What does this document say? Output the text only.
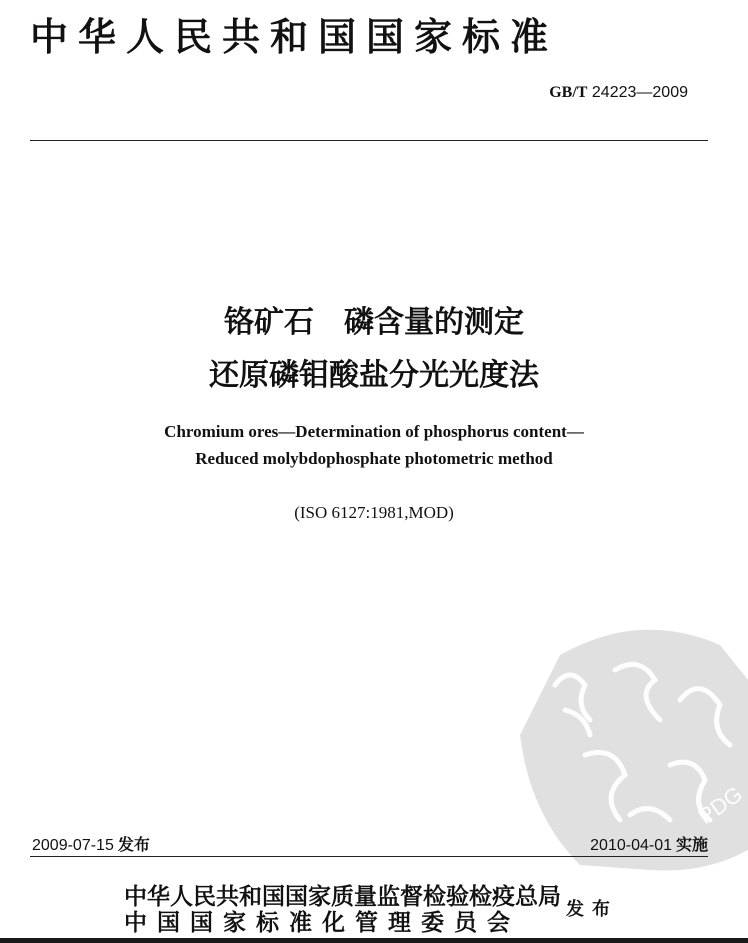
中华人民共和国国家标准
GB/T 24223—2009
铬矿石　磷含量的测定
还原磷钼酸盐分光光度法
Chromium ores—Determination of phosphorus content—
Reduced molybdophosphate photometric method
(ISO 6127:1981,MOD)
PDG
2009-07-15 发布	2010-04-01 实施
中华人民共和国国家质量监督检验检疫总局
中国国家标准化管理委员会
发布
